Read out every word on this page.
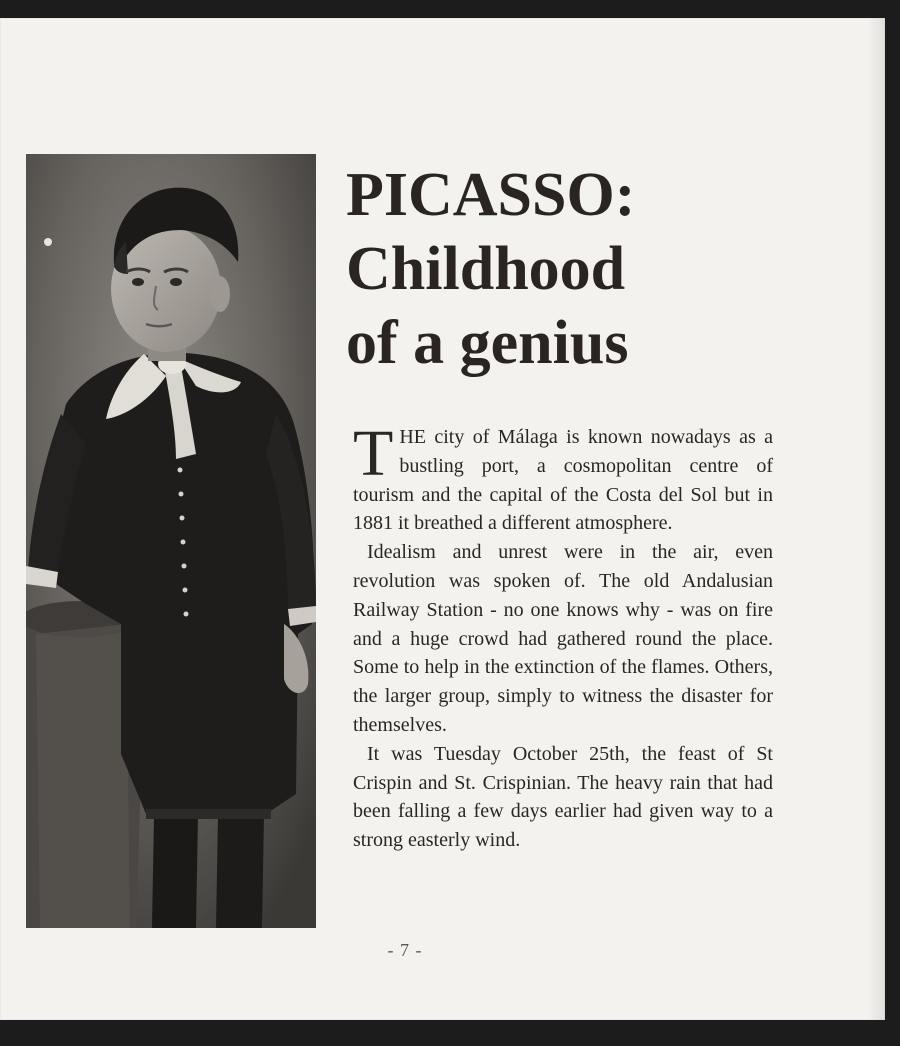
PICASSO:
Childhood
of a genius

THE city of Málaga is known nowadays as a bustling port, a cosmopolitan centre of tourism and the capital of the Costa del Sol but in 1881 it breathed a different atmosphere.

Idealism and unrest were in the air, even revolution was spoken of. The old Andalusian Railway Station - no one knows why - was on fire and a huge crowd had gathered round the place. Some to help in the extinction of the flames. Others, the larger group, simply to witness the disaster for themselves.

It was Tuesday October 25th, the feast of St Crispin and St. Crispinian. The heavy rain that had been falling a few days earlier had given way to a strong easterly wind.

- 7 -
